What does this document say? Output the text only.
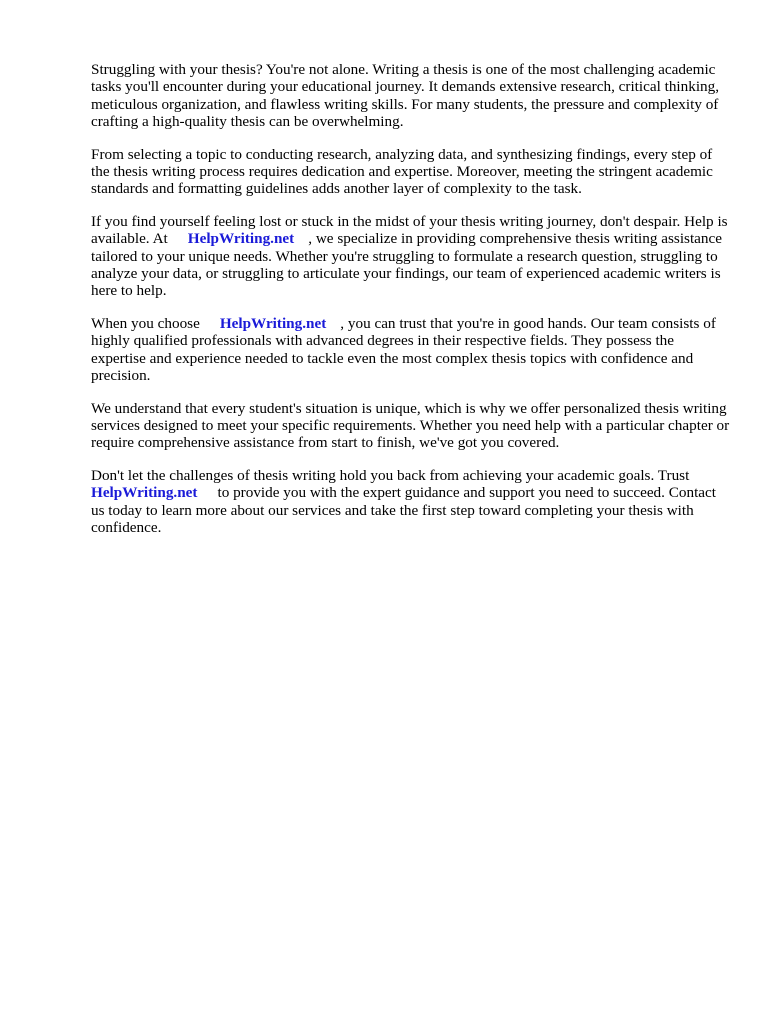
Struggling with your thesis? You're not alone. Writing a thesis is one of the most challenging academic tasks you'll encounter during your educational journey. It demands extensive research, critical thinking, meticulous organization, and flawless writing skills. For many students, the pressure and complexity of crafting a high-quality thesis can be overwhelming.

From selecting a topic to conducting research, analyzing data, and synthesizing findings, every step of the thesis writing process requires dedication and expertise. Moreover, meeting the stringent academic standards and formatting guidelines adds another layer of complexity to the task.

If you find yourself feeling lost or stuck in the midst of your thesis writing journey, don't despair. Help is available. At HelpWriting.net , we specialize in providing comprehensive thesis writing assistance tailored to your unique needs. Whether you're struggling to formulate a research question, struggling to analyze your data, or struggling to articulate your findings, our team of experienced academic writers is here to help.

When you choose HelpWriting.net , you can trust that you're in good hands. Our team consists of highly qualified professionals with advanced degrees in their respective fields. They possess the expertise and experience needed to tackle even the most complex thesis topics with confidence and precision.

We understand that every student's situation is unique, which is why we offer personalized thesis writing services designed to meet your specific requirements. Whether you need help with a particular chapter or require comprehensive assistance from start to finish, we've got you covered.

Don't let the challenges of thesis writing hold you back from achieving your academic goals. TrustHelpWriting.net to provide you with the expert guidance and support you need to succeed. Contact us today to learn more about our services and take the first step toward completing your thesis with confidence.
